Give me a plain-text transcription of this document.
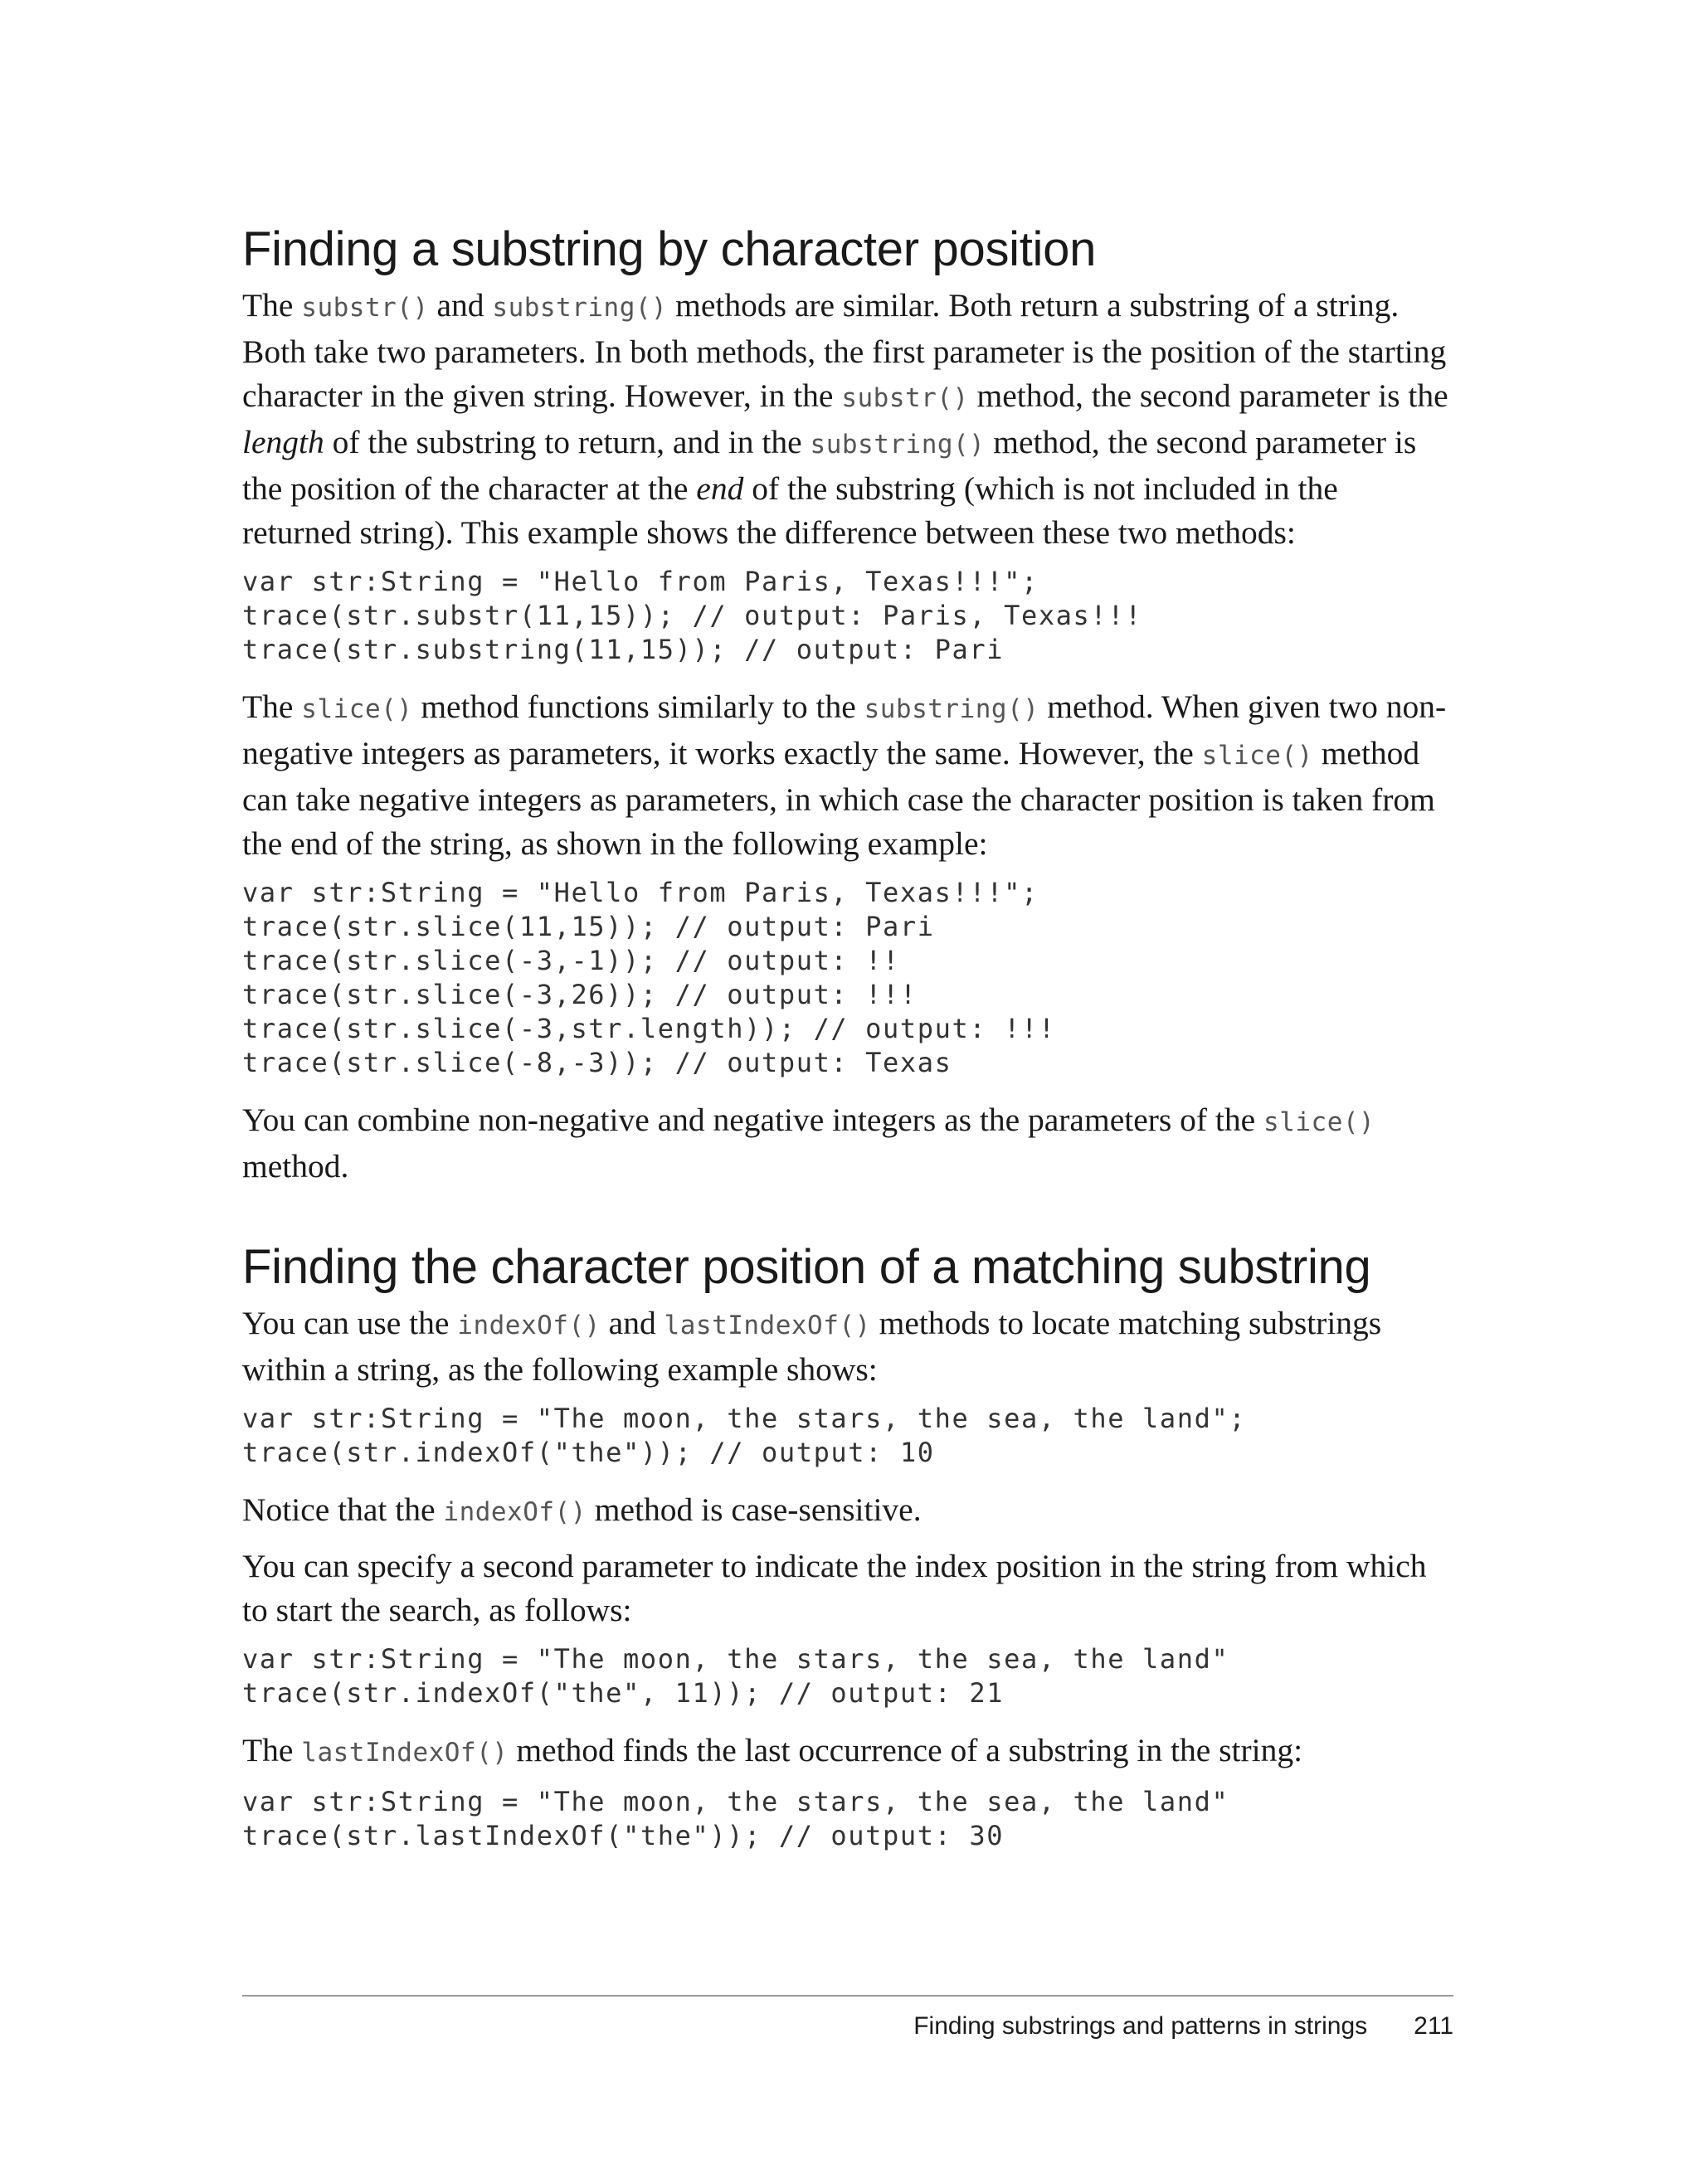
Finding a substring by character position

The substr() and substring() methods are similar. Both return a substring of a string. Both take two parameters. In both methods, the first parameter is the position of the starting character in the given string. However, in the substr() method, the second parameter is the length of the substring to return, and in the substring() method, the second parameter is the position of the character at the end of the substring (which is not included in the returned string). This example shows the difference between these two methods:

var str:String = "Hello from Paris, Texas!!!";
trace(str.substr(11,15)); // output: Paris, Texas!!!
trace(str.substring(11,15)); // output: Pari

The slice() method functions similarly to the substring() method. When given two non-negative integers as parameters, it works exactly the same. However, the slice() method can take negative integers as parameters, in which case the character position is taken from the end of the string, as shown in the following example:

var str:String = "Hello from Paris, Texas!!!";
trace(str.slice(11,15)); // output: Pari
trace(str.slice(-3,-1)); // output: !!
trace(str.slice(-3,26)); // output: !!!
trace(str.slice(-3,str.length)); // output: !!!
trace(str.slice(-8,-3)); // output: Texas

You can combine non-negative and negative integers as the parameters of the slice() method.

Finding the character position of a matching substring

You can use the indexOf() and lastIndexOf() methods to locate matching substrings within a string, as the following example shows:

var str:String = "The moon, the stars, the sea, the land";
trace(str.indexOf("the")); // output: 10

Notice that the indexOf() method is case-sensitive.

You can specify a second parameter to indicate the index position in the string from which to start the search, as follows:

var str:String = "The moon, the stars, the sea, the land"
trace(str.indexOf("the", 11)); // output: 21

The lastIndexOf() method finds the last occurrence of a substring in the string:

var str:String = "The moon, the stars, the sea, the land"
trace(str.lastIndexOf("the")); // output: 30
Finding substrings and patterns in strings 211
